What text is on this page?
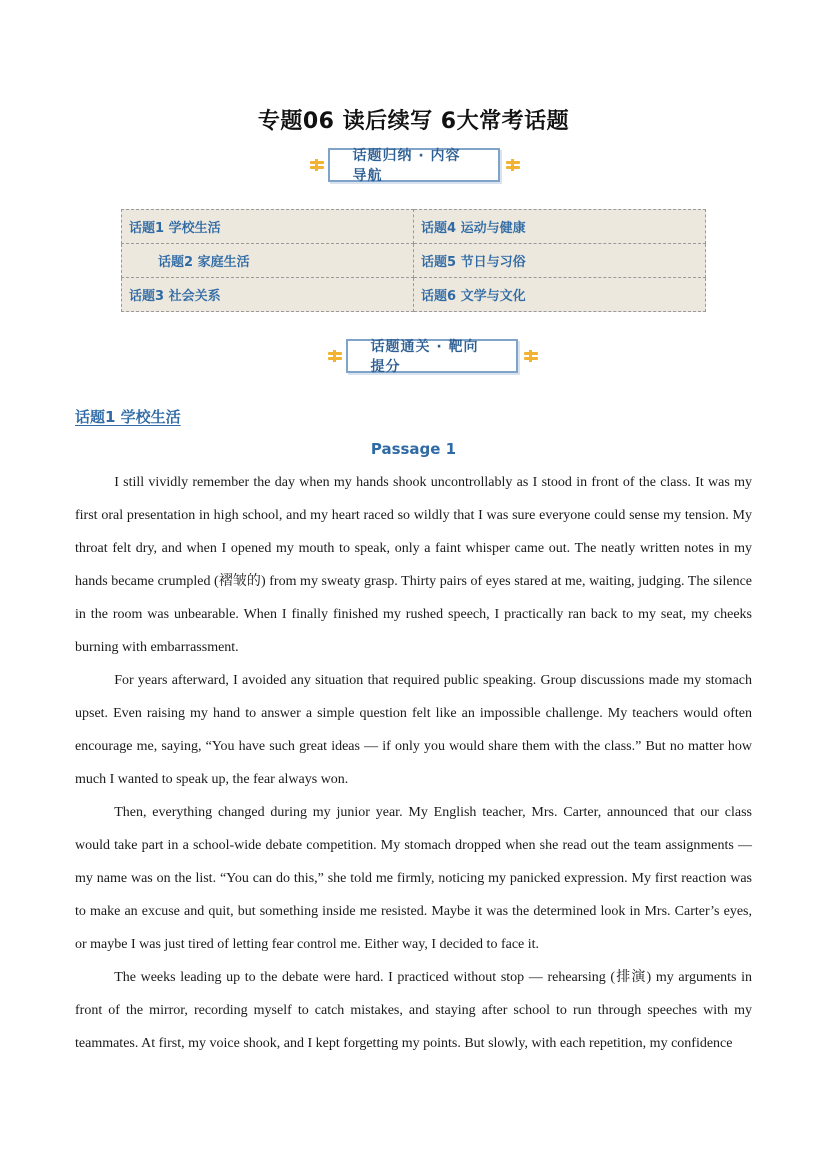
专题06 读后续写 6大常考话题
话题归纳 · 内容导航
话题1 学校生活	话题4 运动与健康
话题2 家庭生活	话题5 节日与习俗
话题3 社会关系	话题6 文学与文化
话题通关 · 靶向提分
话题1 学校生活
Passage 1

I still vividly remember the day when my hands shook uncontrollably as I stood in front of the class. It was my first oral presentation in high school, and my heart raced so wildly that I was sure everyone could sense my tension. My throat felt dry, and when I opened my mouth to speak, only a faint whisper came out. The neatly written notes in my hands became crumpled (褶皱的) from my sweaty grasp. Thirty pairs of eyes stared at me, waiting, judging. The silence in the room was unbearable. When I finally finished my rushed speech, I practically ran back to my seat, my cheeks burning with embarrassment.

For years afterward, I avoided any situation that required public speaking. Group discussions made my stomach upset. Even raising my hand to answer a simple question felt like an impossible challenge. My teachers would often encourage me, saying, “You have such great ideas — if only you would share them with the class.” But no matter how much I wanted to speak up, the fear always won.

Then, everything changed during my junior year. My English teacher, Mrs. Carter, announced that our class would take part in a school-wide debate competition. My stomach dropped when she read out the team assignments — my name was on the list. “You can do this,” she told me firmly, noticing my panicked expression. My first reaction was to make an excuse and quit, but something inside me resisted. Maybe it was the determined look in Mrs. Carter’s eyes, or maybe I was just tired of letting fear control me. Either way, I decided to face it.

The weeks leading up to the debate were hard. I practiced without stop — rehearsing (排演) my arguments in front of the mirror, recording myself to catch mistakes, and staying after school to run through speeches with my teammates. At first, my voice shook, and I kept forgetting my points. But slowly, with each repetition, my confidence
